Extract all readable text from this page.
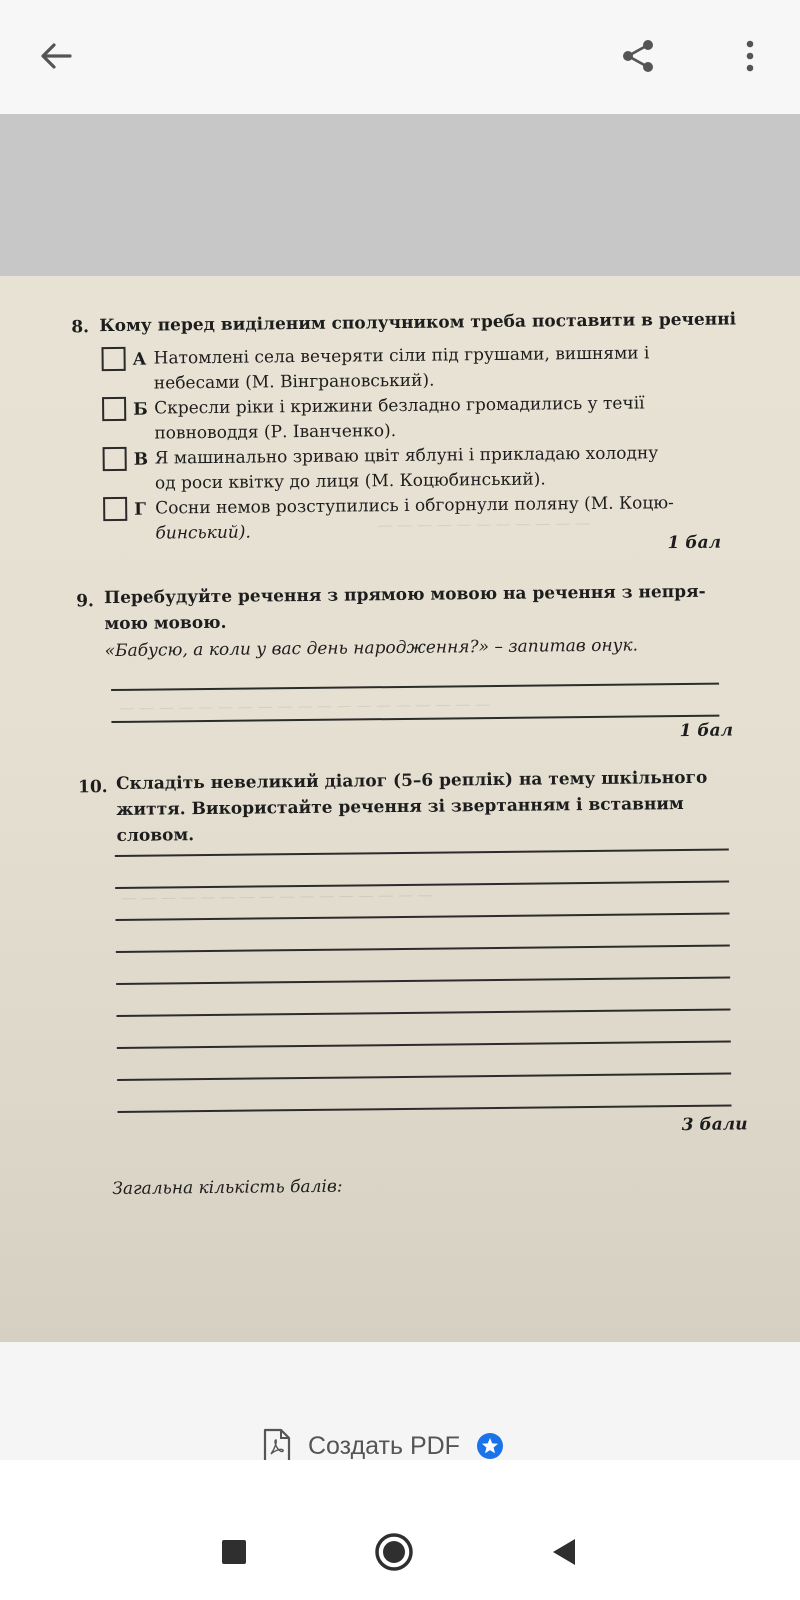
— — — — — — — — — — —
— — — — — — — — — — — — — — — — — — —
— — — — — — — — — — — — — — — —
8. Кому перед виділеним сполучником треба поставити в реченні
А Натомлені села вечеряти сіли під грушами, вишнями і
небесами (М. Вінграновський).
Б Скресли ріки і крижини безладно громадились у течії
повноводдя (Р. Іванченко).
В Я машинально зриваю цвіт яблуні і прикладаю холодну
од роси квітку до лиця (М. Коцюбинський).
Г Сосни немов розступились і обгорнули поляну (М. Коцю-
бинський).	1 бал
9. Перебудуйте речення з прямою мовою на речення з непря-
мою мовою.
«Бабусю, а коли у вас день народження?» – запитав онук.
1 бал
10. Складіть невеликий діалог (5–6 реплік) на тему шкільного
життя. Використайте речення зі звертанням і вставним словом.
3 бали
Загальна кількість балів:
Создать PDF
